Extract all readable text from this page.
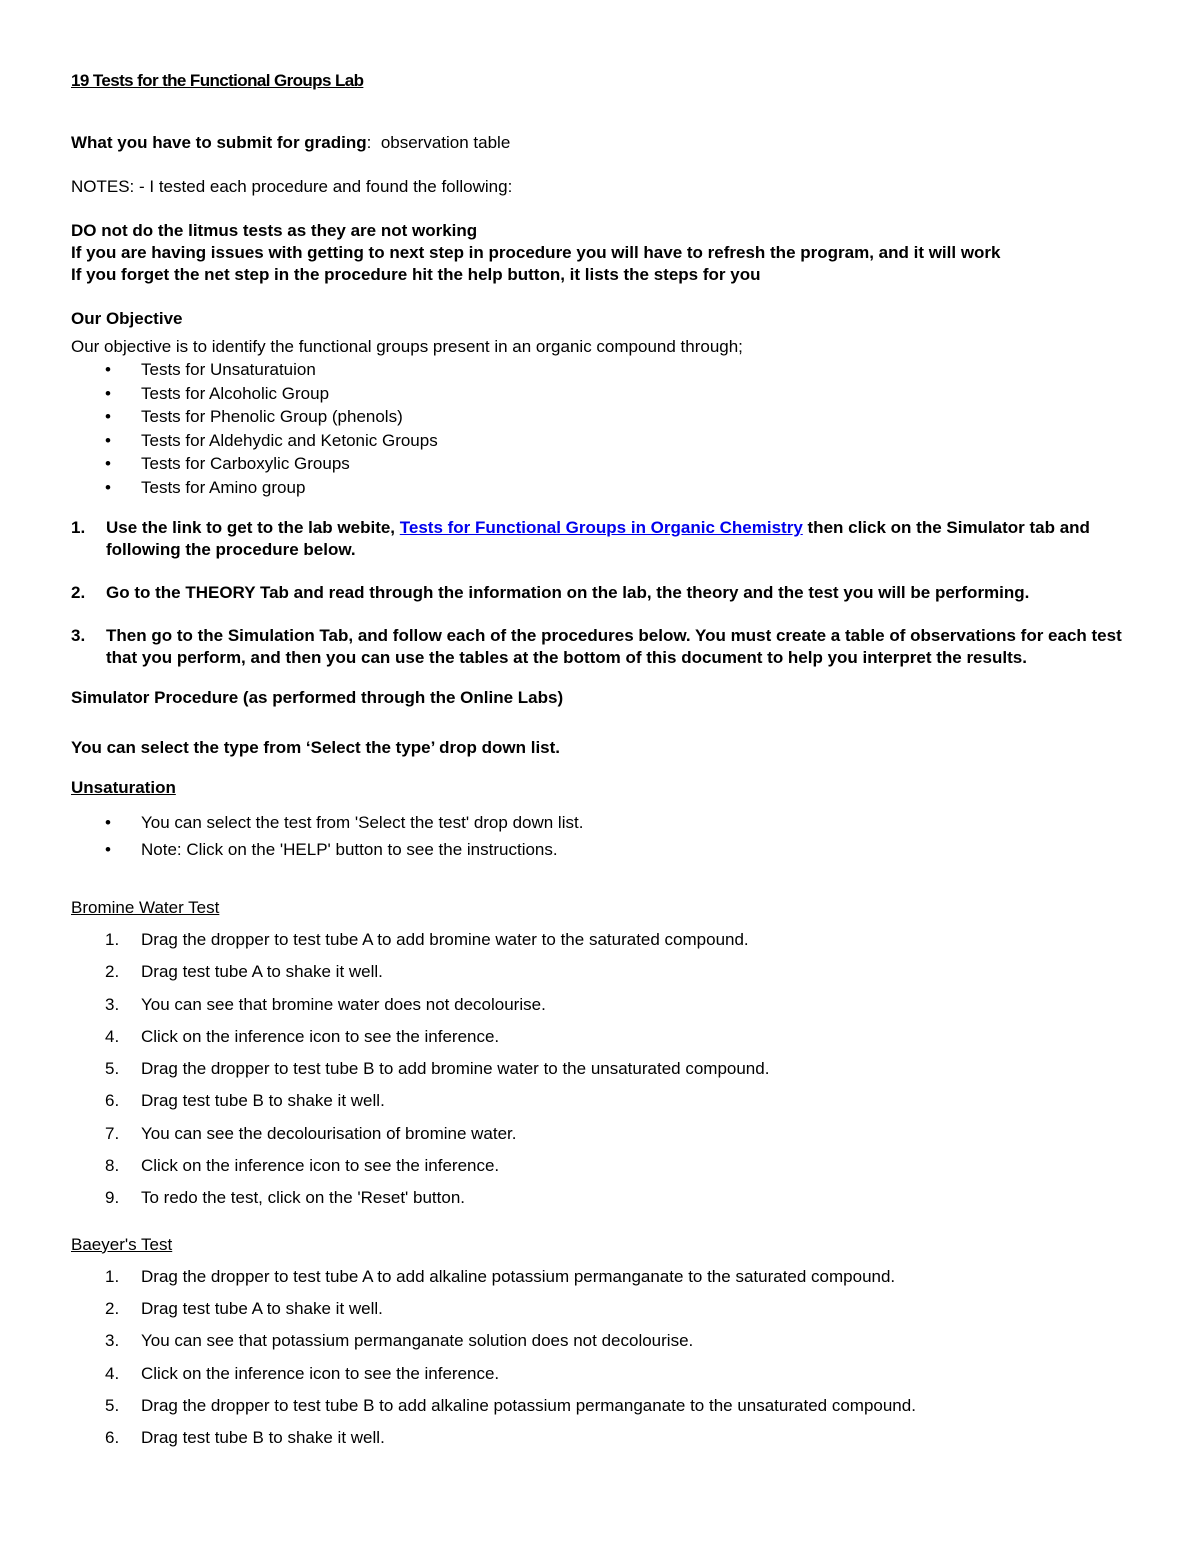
19 Tests for the Functional Groups Lab

What you have to submit for grading: observation table

NOTES: - I tested each procedure and found the following:

DO not do the litmus tests as they are not working

If you are having issues with getting to next step in procedure you will have to refresh the program, and it will work

If you forget the net step in the procedure hit the help button, it lists the steps for you

Our Objective

Our objective is to identify the functional groups present in an organic compound through;

• Tests for Unsaturatuion
• Tests for Alcoholic Group
• Tests for Phenolic Group (phenols)
• Tests for Aldehydic and Ketonic Groups
• Tests for Carboxylic Groups
• Tests for Amino group
1. Use the link to get to the lab webite, Tests for Functional Groups in Organic Chemistry then click on the Simulator tab and following the procedure below.
2. Go to the THEORY Tab and read through the information on the lab, the theory and the test you will be performing.
3. Then go to the Simulation Tab, and follow each of the procedures below. You must create a table of observations for each test that you perform, and then you can use the tables at the bottom of this document to help you interpret the results.

Simulator Procedure (as performed through the Online Labs)

You can select the type from ‘Select the type’ drop down list.

Unsaturation

• You can select the test from 'Select the test' drop down list.
• Note: Click on the 'HELP' button to see the instructions.

Bromine Water Test

1. Drag the dropper to test tube A to add bromine water to the saturated compound.
2. Drag test tube A to shake it well.
3. You can see that bromine water does not decolourise.
4. Click on the inference icon to see the inference.
5. Drag the dropper to test tube B to add bromine water to the unsaturated compound.
6. Drag test tube B to shake it well.
7. You can see the decolourisation of bromine water.
8. Click on the inference icon to see the inference.
9. To redo the test, click on the 'Reset' button.

Baeyer's Test

1. Drag the dropper to test tube A to add alkaline potassium permanganate to the saturated compound.
2. Drag test tube A to shake it well.
3. You can see that potassium permanganate solution does not decolourise.
4. Click on the inference icon to see the inference.
5. Drag the dropper to test tube B to add alkaline potassium permanganate to the unsaturated compound.
6. Drag test tube B to shake it well.
